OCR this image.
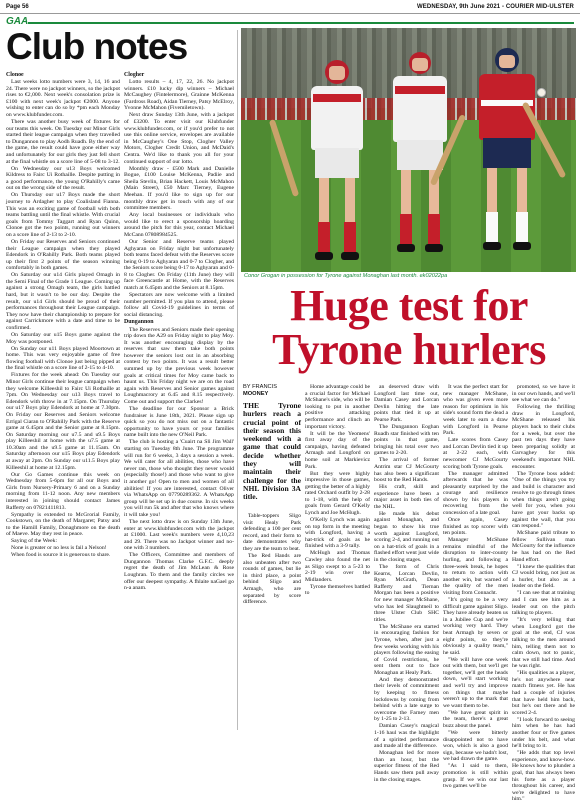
Page 56	WEDNESDAY, 9th June 2021 - COURIER MID-ULSTER
GAA
Club notes
Clonoe

Last weeks lotto numbers were 3, 14, 16 and 24. There were no jackpot winners, so the jackpot rises to €2,000. Next week's consolation prize is £100 with next week's jackpot €2000. Anyone wishing to enter can do so by *pm each Monday on www.klubfunder.com.

There was another busy week of fixtures for our teams this week. On Tuesday our Minor Girls started their league campaign when they travelled to Dungannon to play Aodh Ruadh. By the end of the game, the result could have gone either way and unfortunately for our girls they just fell short at the final whistle on a score line of 5-08 to 3-12.

On Wednesday our u13 Boys welcomed Kildress to Fairc Ui Rothaille. Despite putting in a good performance, the young O'Rahilly's came out on the wrong side of the result.

On Thursday our u17 Boys made the short journey to Ardagher to play Coalisland Fianna. This was an exciting game of football with both teams battling until the final whistle. With crucial goals from Tommy Taggart and Ryan Quinn, Clonoe got the two points, running out winners on a score line of 2-13 to 2-10.

On Friday our Reserves and Seniors continued their League campaign when they played Edendork in O'Rahilly Park. Both teams played up their first 2 points of the season winning comfortably in both games.

On Saturday our u14 Girls played Omagh in the Semi Final of the Grade 1 League. Coming up against a strong Omagh team, the girls battled hard, but it wasn't to be our day. Despite the result, our u14 Girls should be proud of their performances throughout their League campaign. They now have their championship to prepare for against Carrickmore with a date and time to be confirmed.

On Saturday our u15 Boys game against the Moy was postponed.

On Sunday our u11 Boys played Moortown at home. This was very enjoyable game of free flowing football with Clonoe just being pipped at the final whistle on a score line of 2-15 to 4-10.

Fixtures for the week ahead: On Tuesday our Minor Girls continue their league campaign when they welcome Killeeshil to Fairc Ui Rothaille at 7pm. On Wednesday our u13 Boys travel to Edendork with throw in at 7.15pm. On Thursday our u17 Boys play Edendork at home at 7.30pm. On Friday our Reserves and Seniors welcome Errigal Ciaran to O'Rahilly Park with the Reserve game at 6.45pm and the Senior game at 8.15pm. On Saturday morning our u7.5 and u9.5 Boys play Killeeshil at home with the u7.5 game at 10.30am and the u9.5 game at 11.15am. On Saturday afternoon our u15 Boys play Edendork at away at 2pm. On Sunday our u11.5 Boys play Killeeshil at home at 12.15pm.

Our Go Games continue this week on Wednesday from 5-6pm for all our Boys and Girls from Nursery-Primary 6 and on a Sunday morning from 11-12 noon. Any new members interested in joining should contact James Rafferty on 07821411813.

Sympathy is extended to McGrorial Family, Cookstown, on the death of Margaret; Patsy and to the Hamill Family, Donaghmore on the death of Maeve. May they rest in peace.

Saying of the Week:

None is greater or no less is fail a Nelson!

When food is source it is generous to share.

Clogher

Lotto results – 4, 17, 22, 26. No jackpot winners. £10 lucky dip winners – Michael McCaughey (Fintelermore), Grainne McKenna (Fardross Road), Aidan Tierney, Patsy McElroy, Yvonne McMahon (Fivemiletown).

Next draw Sunday 13th June, with a jackpot of £3200. To enter visit our Klubfunder www.klubfunder.com, or if you'd prefer to not use this online service, envelopes are available in McCaughey's One Stop, Clogher Valley Motors, Clogher Credit Union, and McDaid's Centra. We'd like to thank you all for your continued support of our lotto.

Monthly draw - £500 Mark and Danielle Bogue, £100 Louise McKenna, Padiie and Sheila Stevlin, Brian Hackett, Louis McMahon (Main Street), £50 Marc Tierney, Eugene Meehan. If you'd like to sign up for our monthly draw get in touch with any of our committee members.

Any local businesses or individuals who would like to erect a sponsorship hoarding around the pitch for this year, contact Michael McCann 07808984525.

Our Senior and Reserve teams played Aghyaran on Friday night but unfortunately both teams faced defeat with the Reserves score being 0-19 to Aghyaran and 0-7 to Clogher, and the Seniors score being 0-17 to Aghyaran and 0-8 to Clogher. On Friday (11th June) they will face Greencastle at Home, with the Reserves match at 6.45pm and the Seniors at 8.15pm.

Spectators are now welcome with a limited number permitted. If you plan to attend, please follow all Covid-19 guidelines in terms of social distancing.

Dungannon

The Reserves and Seniors made their opening trip down the A29 on Friday night to play Moy. It was another encouraging display by the reserves that saw them take both points however the seniors lost out in an absorbing contest by two points. It was a result better summed up by the previous week however goals at critical times for Moy came back to haunt us. This Friday night we are on the road again with Reserves and Senior games against Loughmacrory at 6.45 and 8.15 respectively. Come out and support the Clarkes!

The deadline for our Sponsor a Brick fundraiser is June 18th, 2021. Please sign up quick so you do not miss out on a fantastic opportunity to have yours or your families name built into the new O'Neil Park.

The club is hosting a 'Cuairt na Sli Jim Wall' starting on Tuesday 8th June. The programme will run for 6 weeks, 3 days a session a week. We will cater for all abilities, those who have never ran, those who thought they never would (especially those!) and those who want to give it another go! Open to men and women of all abilities! If you are interested, contact Oliver via WhatsApp on 07790289362. A WhatsApp group will be set up in due course. In six weeks you will run 5k and after that who knows where it will take you!

The next lotto draw is on Sunday 13th June, enter at www.klubfunder.com with the jackpot at £1000. Last week's numbers were 4,10,23 and 29. There was no Jackpot winner and no-one with 3 numbers.

The Officers, Committee and members of Dungannon Thomas Clarke G.F.C. deeply regret the death of Jim McLean & Rose Loughran. To them and the family circles we offer our deepest sympathy. A fhlaite naGael go n-a anam.

Conor Grogan in possession for Tyrone against Monaghan last month. ek02022pa
Huge test for
Tyrone hurlers
BY FRANCIS
MOONEY
THE Tyrone hurlers reach a crucial point of their season this weekend with a game that could decide whether they will maintain their challenge for the NHL Division 3A title.

Table-toppers Sligo visit Healy Park defending a 100 per cent record, and their form to date demonstrates why they are the team to beat.

The Red Hands are also unbeaten after two rounds of games, but lie in third place, a point behind Sligo and Armagh, who are separated by score difference.

Home advantage could be a crucial factor for Michael McShane's side, who will be looking to put in another positive attacking performance and clinch an important victory.

It will be the Yeomens' first away day of the campaign, having defeated Armagh and Longford on home soil at Markievicz Park.

But they were highly impressive in those games, getting the better of a highly rated Orchard outfit by 2-28 to 1-18, with the help of goals from Gerard O'Kelly Lynch and Joe McHugh.

O'Kelly Lynch was again on top form in the meeting with Longford, having a hat-trick of goals as he finished with a 3-9 tally.

McHugh and Thomas Cawley also found the net as Sligo swept to a 5-23 to 2-19 win over the Midlanders.

Tyrone themselves battled to

an deserved draw with Longford last time out, Damian Casey and Lorcan Devlin hitting the late points that tied it up at Pearse Park.

The Dungannon Eoghan Ruadh star finished with ten points in that game, bringing his total over two games to 2-20.

The arrival of former Antrim star CJ McGourty has also been a significant boost to the Red Hands.

His craft, skill and experience have been a major asset in both ties of the NHL.

He made his debut against Monaghan, and began to show his true worth against Longford, scoring 2-4, and running out on a hat-trick of goals in a flashed effort went just wide in the closing stages.

The form of Chris Kearns, Lorcan Devlin, Ryan McGrath, Dean Rafferty and Tiernan Morgan has been a positive for new manager McShane, who has led Slaughtneil to three Ulster Club SHC titles.

The McShane era started in encouraging fashion for Tyrone, when, after just a few weeks working with his players following the easing of Covid restrictions, he sent them out to face Monaghan at Healy Park.

And they demonstrated their levels of commitment by keeping to fitness lockdowns by coming from behind with a late surge to overcome the Farney men by 1-25 to 2-13.

Damian Casey's magical 1-16 haul was the highlight of a spirited performance and made all the difference.

Monaghan led for more than an hour, but the superior fitness of the Red Hands saw them pull away in the closing stages.

It was the perfect start for new manager McShane, who was given even more reason for optimism in his side's sound form the dead a week later to earn a draw with Longford in Pearse Park.

Late scores from Casey and Lorcan Devlin tied it up at 2-22 each, with newcomer CJ McGourty scoring both Tyrone goals.

The manager admitted afterwards that he was pleasantly surprised by the courage and resilience shown by his players in recovering from the concession of a late goal.

Once again, Casey finished as top scorer with ten points.

Manager McShane remains mindful of the disruption to inter-county hurling, and following a three-week break, he hopes to return to action with another win, but warned of the quality of the men visiting from Connacht.

"It's going to be a very difficult game against Sligo. They have already beaten us in a Jubilee Cup and we're working very hard. They beat Armagh by seven or eight points, so they're obviously a quality team," he said.

"We will have one week out with them, but we'll get together, we'll get the heads down, we'll start working and we'll try and improve on things that maybe weren't up to the mark that we want them to be.

"We have great spirit in the team, there's a great buzz about the panel.

"We were bitterly disappointed not to have won, which is also a good sign, because we hadn't lost, we had drawn the game.

"As I said to them, promotion is still within grasp. If we win our last two games we'll be

promoted, so we have it in our own hands, and we'll see what we can do."

Following the thrilling draw in Longford, McShane released his players back to their clubs for a week, but over the past ten days they have been preparing solidly at Garvaghey for this weekend's important NHL encounter.

The Tyrone boss added: "One of the things you try and build is character and resolve to go through times when things aren't going well for you, when you have got your backs up against the wall, that you can respond."

McShane paid tribute to fellow Sullivan man McGourty for the influence he has had on the Red Hand effort.

"I knew the qualities that CJ would bring, not just as a hurler, but also as a leader on the field.

"I can see that at training and I can see him as a leader out on the pitch talking to players.

"It's very telling that when Longford got the goal at the end, CJ was talking to the men around him, telling them not to calm down, not to panic, that we still had time. And he was right.

"His qualities as a player, he's not anywhere near match fitness yet. He has had a couple of injuries that have held him back, but he's out there and he scored 2-4.

"I look forward to seeing him when he has had another four or five games under his belt, and what he'll bring to it.

"He adds that top level experience, and know-how. He knows how to plunder a goal, that has always been his forte as a player throughout his career, and we're delighted to have him."
